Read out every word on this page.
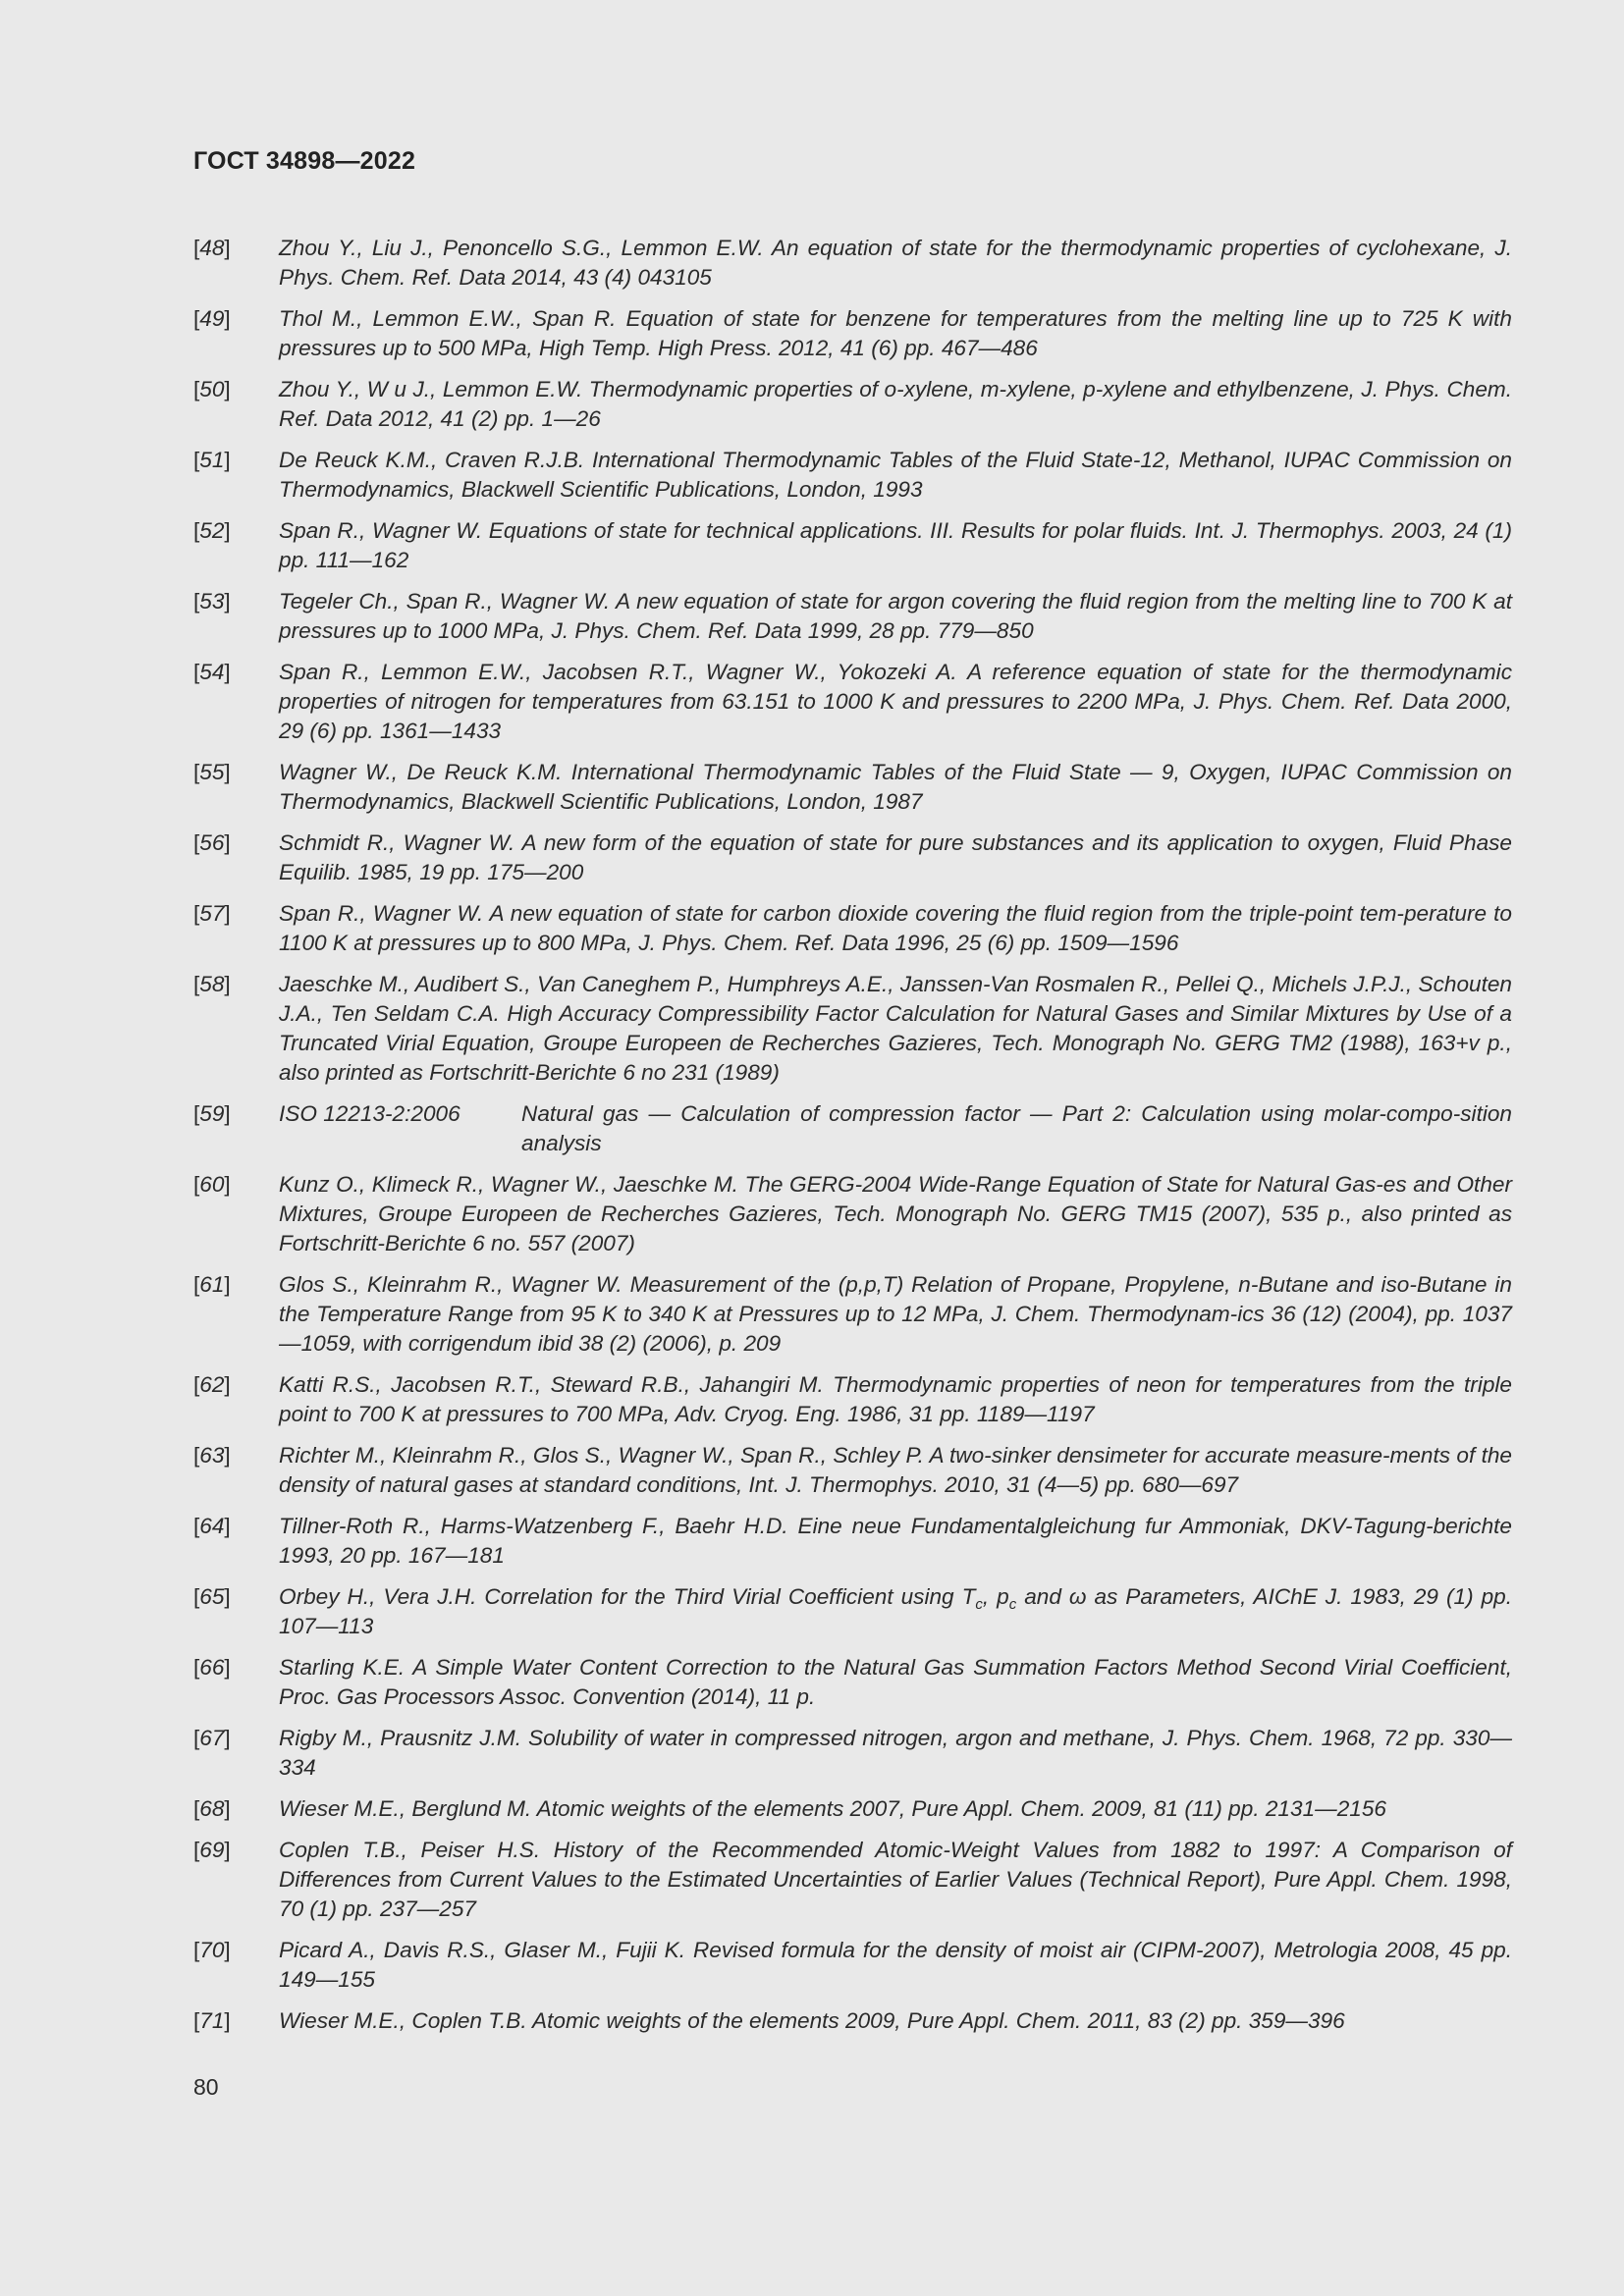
ГОСТ 34898—2022
[48]	Zhou Y., Liu J., Penoncello S.G., Lemmon E.W. An equation of state for the thermodynamic properties of cyclohexane, J. Phys. Chem. Ref. Data 2014, 43 (4) 043105
[49]	Thol M., Lemmon E.W., Span R. Equation of state for benzene for temperatures from the melting line up to 725 K with pressures up to 500 MPa, High Temp. High Press. 2012, 41 (6) pp. 467—486
[50]	Zhou Y., W u J., Lemmon E.W. Thermodynamic properties of o-xylene, m-xylene, p-xylene and ethylbenzene, J. Phys. Chem. Ref. Data 2012, 41 (2) pp. 1—26
[51]	De Reuck K.M., Craven R.J.B. International Thermodynamic Tables of the Fluid State-12, Methanol, IUPAC Commission on Thermodynamics, Blackwell Scientific Publications, London, 1993
[52]	Span R., Wagner W. Equations of state for technical applications. III. Results for polar fluids. Int. J. Thermophys. 2003, 24 (1) pp. 111—162
[53]	Tegeler Ch., Span R., Wagner W. A new equation of state for argon covering the fluid region from the melting line to 700 K at pressures up to 1000 MPa, J. Phys. Chem. Ref. Data 1999, 28 pp. 779—850
[54]	Span R., Lemmon E.W., Jacobsen R.T., Wagner W., Yokozeki A. A reference equation of state for the thermodynamic properties of nitrogen for temperatures from 63.151 to 1000 K and pressures to 2200 MPa, J. Phys. Chem. Ref. Data 2000, 29 (6) pp. 1361—1433
[55]	Wagner W., De Reuck K.M. International Thermodynamic Tables of the Fluid State — 9, Oxygen, IUPAC Commission on Thermodynamics, Blackwell Scientific Publications, London, 1987
[56]	Schmidt R., Wagner W. A new form of the equation of state for pure substances and its application to oxygen, Fluid Phase Equilib. 1985, 19 pp. 175—200
[57]	Span R., Wagner W. A new equation of state for carbon dioxide covering the fluid region from the triple-point tem-perature to 1100 K at pressures up to 800 MPa, J. Phys. Chem. Ref. Data 1996, 25 (6) pp. 1509—1596
[58]	Jaeschke M., Audibert S., Van Caneghem P., Humphreys A.E., Janssen-Van Rosmalen R., Pellei Q., Michels J.P.J., Schouten J.A., Ten Seldam C.A. High Accuracy Compressibility Factor Calculation for Natural Gases and Similar Mixtures by Use of a Truncated Virial Equation, Groupe Europeen de Recherches Gazieres, Tech. Monograph No. GERG TM2 (1988), 163+v p., also printed as Fortschritt-Berichte 6 no 231 (1989)
[59]	ISO 12213-2:2006	Natural gas — Calculation of compression factor — Part 2: Calculation using molar-compo-sition analysis
[60]	Kunz O., Klimeck R., Wagner W., Jaeschke M. The GERG-2004 Wide-Range Equation of State for Natural Gas-es and Other Mixtures, Groupe Europeen de Recherches Gazieres, Tech. Monograph No. GERG TM15 (2007), 535 p., also printed as Fortschritt-Berichte 6 no. 557 (2007)
[61]	Glos S., Kleinrahm R., Wagner W. Measurement of the (p,p,T) Relation of Propane, Propylene, n-Butane and iso-Butane in the Temperature Range from 95 K to 340 K at Pressures up to 12 MPa, J. Chem. Thermodynam-ics 36 (12) (2004), pp. 1037—1059, with corrigendum ibid 38 (2) (2006), p. 209
[62]	Katti R.S., Jacobsen R.T., Steward R.B., Jahangiri M. Thermodynamic properties of neon for temperatures from the triple point to 700 K at pressures to 700 MPa, Adv. Cryog. Eng. 1986, 31 pp. 1189—1197
[63]	Richter M., Kleinrahm R., Glos S., Wagner W., Span R., Schley P. A two-sinker densimeter for accurate measure-ments of the density of natural gases at standard conditions, Int. J. Thermophys. 2010, 31 (4—5) pp. 680—697
[64]	Tillner-Roth R., Harms-Watzenberg F., Baehr H.D. Eine neue Fundamentalgleichung fur Ammoniak, DKV-Tagung-berichte 1993, 20 pp. 167—181
[65]	Orbey H., Vera J.H. Correlation for the Third Virial Coefficient using $T_c$, $p_c$ and ω as Parameters, AIChE J. 1983, 29 (1) pp. 107—113
[66]	Starling K.E. A Simple Water Content Correction to the Natural Gas Summation Factors Method Second Virial Coefficient, Proc. Gas Processors Assoc. Convention (2014), 11 p.
[67]	Rigby M., Prausnitz J.M. Solubility of water in compressed nitrogen, argon and methane, J. Phys. Chem. 1968, 72 pp. 330—334
[68]	Wieser M.E., Berglund M. Atomic weights of the elements 2007, Pure Appl. Chem. 2009, 81 (11) pp. 2131—2156
[69]	Coplen T.B., Peiser H.S. History of the Recommended Atomic-Weight Values from 1882 to 1997: A Comparison of Differences from Current Values to the Estimated Uncertainties of Earlier Values (Technical Report), Pure Appl. Chem. 1998, 70 (1) pp. 237—257
[70]	Picard A., Davis R.S., Glaser M., Fujii K. Revised formula for the density of moist air (CIPM-2007), Metrologia 2008, 45 pp. 149—155
[71]	Wieser M.E., Coplen T.B. Atomic weights of the elements 2009, Pure Appl. Chem. 2011, 83 (2) pp. 359—396
80
